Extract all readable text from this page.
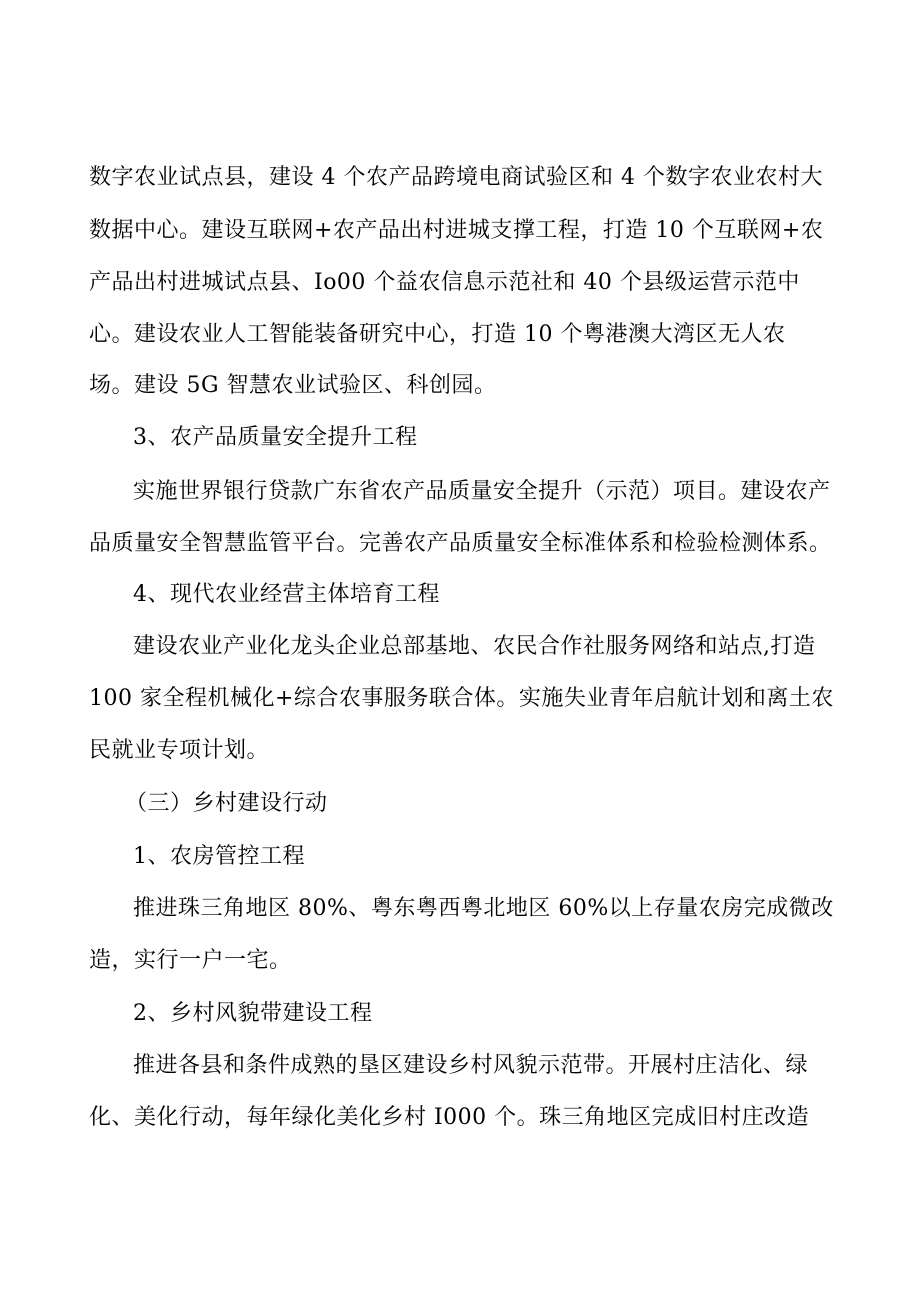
数字农业试点县，建设 4 个农产品跨境电商试验区和 4 个数字农业农村大
数据中心。建设互联网+农产品出村进城支撑工程，打造 10 个互联网+农
产品出村进城试点县、Io00 个益农信息示范社和 40 个县级运营示范中
心。建设农业人工智能装备研究中心，打造 10 个粤港澳大湾区无人农
场。建设 5G 智慧农业试验区、科创园。
3、农产品质量安全提升工程
实施世界银行贷款广东省农产品质量安全提升（示范）项目。建设农产
品质量安全智慧监管平台。完善农产品质量安全标准体系和检验检测体系。
4、现代农业经营主体培育工程
建设农业产业化龙头企业总部基地、农民合作社服务网络和站点,打造
100 家全程机械化+综合农事服务联合体。实施失业青年启航计划和离土农
民就业专项计划。
（三）乡村建设行动
1、农房管控工程
推进珠三角地区 80%、粤东粤西粤北地区 60%以上存量农房完成微改
造，实行一户一宅。
2、乡村风貌带建设工程
推进各县和条件成熟的垦区建设乡村风貌示范带。开展村庄洁化、绿
化、美化行动，每年绿化美化乡村 I000 个。珠三角地区完成旧村庄改造
